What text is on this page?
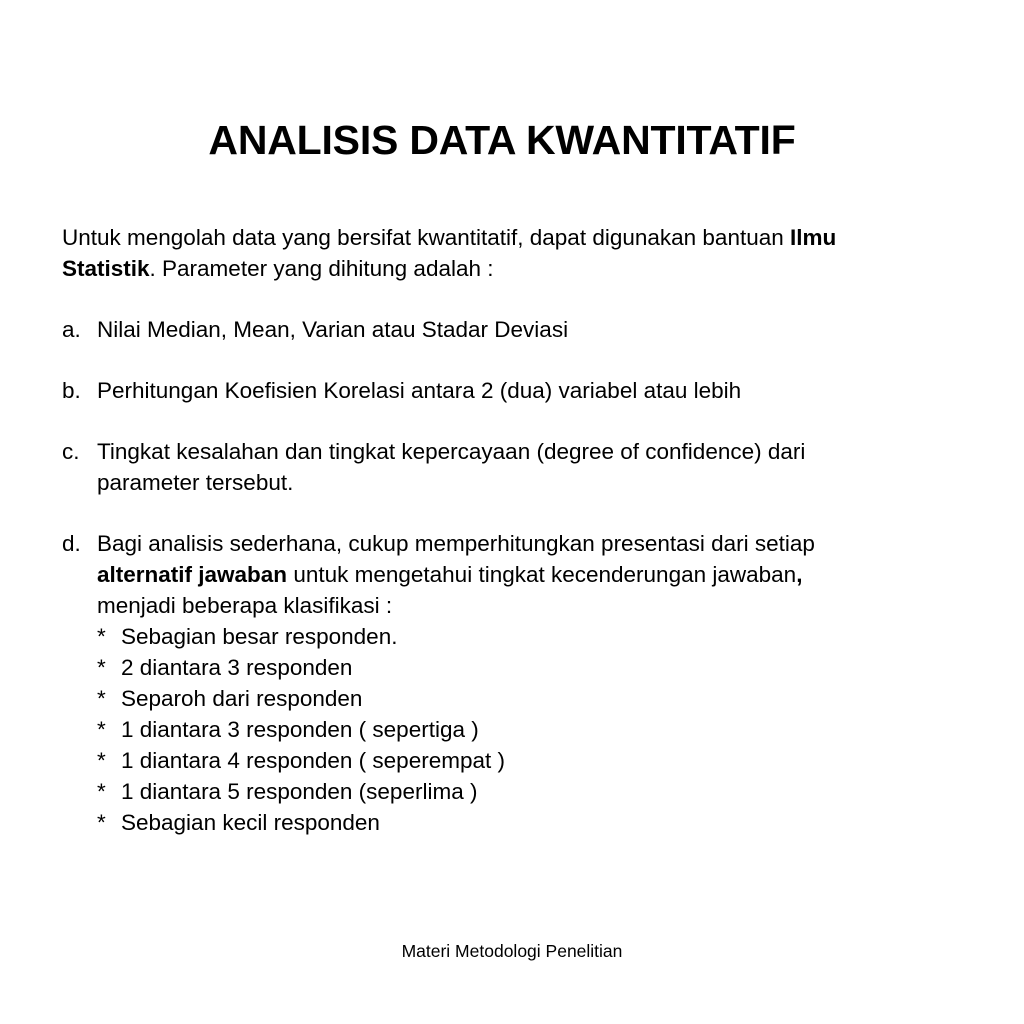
ANALISIS DATA KWANTITATIF
Untuk mengolah data yang bersifat kwantitatif, dapat digunakan bantuan Ilmu
Statistik. Parameter yang dihitung adalah :
a. Nilai Median, Mean, Varian atau Stadar Deviasi
b. Perhitungan Koefisien Korelasi antara 2 (dua) variabel atau lebih
c. Tingkat kesalahan dan tingkat kepercayaan (degree of confidence) dari
parameter tersebut.
d. Bagi analisis sederhana, cukup memperhitungkan presentasi dari setiap
alternatif jawaban untuk mengetahui tingkat kecenderungan jawaban,
menjadi beberapa klasifikasi :
* Sebagian besar responden.
* 2 diantara 3 responden
* Separoh dari responden
* 1 diantara 3 responden ( sepertiga )
* 1 diantara 4 responden ( seperempat )
* 1 diantara 5 responden (seperlima )
* Sebagian kecil responden
Materi Metodologi Penelitian
